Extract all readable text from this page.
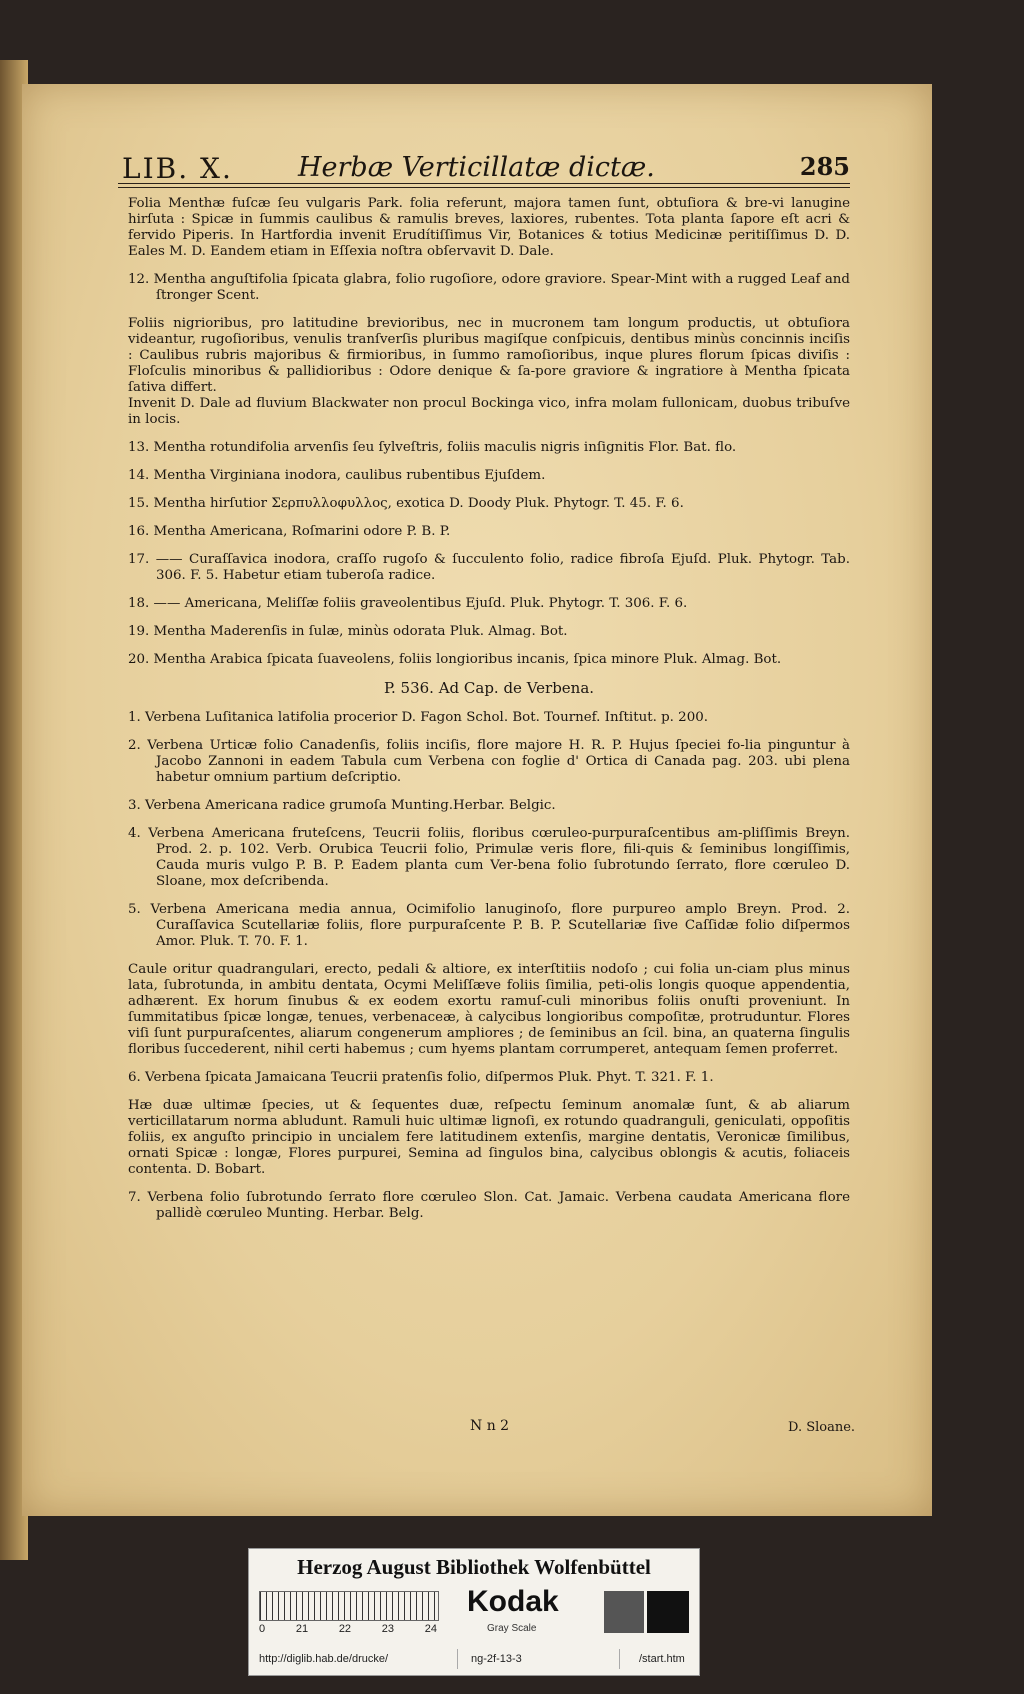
LIB. X. Herbæ Verticillatæ dictæ.	285

Folia Menthæ fuſcæ ſeu vulgaris Park. folia referunt, majora tamen ſunt, obtuſiora & bre-vi lanugine hirſuta : Spicæ in ſummis caulibus & ramulis breves, laxiores, rubentes. Tota planta ſapore eſt acri & fervido Piperis. In Hartfordia invenit Erudítiſſimus Vir, Botanices & totius Medicinæ peritiſſimus D. D. Eales M. D. Eandem etiam in Eſſexia noſtra obſervavit D. Dale.

12. Mentha anguſtifolia ſpicata glabra, folio rugoſiore, odore graviore. Spear-Mint with a rugged Leaf and ſtronger Scent.

Foliis nigrioribus, pro latitudine brevioribus, nec in mucronem tam longum productis, ut obtuſiora videantur, rugoſioribus, venulis tranſverſis pluribus magiſque conſpicuis, dentibus minùs concinnis inciſis : Caulibus rubris majoribus & firmioribus, in ſummo ramoſioribus, inque plures florum ſpicas diviſis : Floſculis minoribus & pallidioribus : Odore denique & ſa-pore graviore & ingratiore à Mentha ſpicata ſativa differt.

Invenit D. Dale ad fluvium Blackwater non procul Bockinga vico, infra molam fullonicam, duobus tribuſve in locis.

13. Mentha rotundifolia arvenſis ſeu ſylveſtris, foliis maculis nigris inſignitis Flor. Bat. flo.

14. Mentha Virginiana inodora, caulibus rubentibus Ejuſdem.

15. Mentha hirſutior Σερπυλλοφυλλος, exotica D. Doody Pluk. Phytogr. T. 45. F. 6.

16. Mentha Americana, Roſmarini odore P. B. P.

17. —— Curaſſavica inodora, craſſo rugoſo & ſucculento folio, radice fibroſa Ejuſd. Pluk. Phytogr. Tab. 306. F. 5. Habetur etiam tuberoſa radice.

18. —— Americana, Meliſſæ foliis graveolentibus Ejuſd. Pluk. Phytogr. T. 306. F. 6.

19. Mentha Maderenſis in ſulæ, minùs odorata Pluk. Almag. Bot.

20. Mentha Arabica ſpicata ſuaveolens, foliis longioribus incanis, ſpica minore Pluk. Almag. Bot.

P. 536. Ad Cap. de Verbena.

1. Verbena Luſitanica latifolia procerior D. Fagon Schol. Bot. Tournef. Inſtitut. p. 200.

2. Verbena Urticæ folio Canadenſis, foliis inciſis, flore majore H. R. P. Hujus ſpeciei fo-lia pinguntur à Jacobo Zannoni in eadem Tabula cum Verbena con foglie d' Ortica di Canada pag. 203. ubi plena habetur omnium partium deſcriptio.

3. Verbena Americana radice grumoſa Munting.Herbar. Belgic.

4. Verbena Americana fruteſcens, Teucrii foliis, floribus cœruleo-purpuraſcentibus am-pliſſimis Breyn. Prod. 2. p. 102. Verb. Orubica Teucrii folio, Primulæ veris flore, fili-quis & ſeminibus longiſſimis, Cauda muris vulgo P. B. P. Eadem planta cum Ver-bena folio ſubrotundo ſerrato, flore cœruleo D. Sloane, mox deſcribenda.

5. Verbena Americana media annua, Ocimifolio lanuginoſo, flore purpureo amplo Breyn. Prod. 2. Curaſſavica Scutellariæ foliis, flore purpuraſcente P. B. P. Scutellariæ ſive Caſſidæ folio diſpermos Amor. Pluk. T. 70. F. 1.

Caule oritur quadrangulari, erecto, pedali & altiore, ex interſtitiis nodoſo ; cui folia un-ciam plus minus lata, ſubrotunda, in ambitu dentata, Ocymi Meliſſæve foliis ſimilia, peti-olis longis quoque appendentia, adhærent. Ex horum ſinubus & ex eodem exortu ramuſ-culi minoribus foliis onuſti proveniunt. In ſummitatibus ſpicæ longæ, tenues, verbenaceæ, à calycibus longioribus compoſitæ, protruduntur. Flores viſi ſunt purpuraſcentes, aliarum congenerum ampliores ; de ſeminibus an ſcil. bina, an quaterna ſingulis floribus ſuccederent, nihil certi habemus ; cum hyems plantam corrumperet, antequam ſemen proferret.

6. Verbena ſpicata Jamaicana Teucrii pratenſis folio, diſpermos Pluk. Phyt. T. 321. F. 1.

Hæ duæ ultimæ ſpecies, ut & ſequentes duæ, reſpectu ſeminum anomalæ ſunt, & ab aliarum verticillatarum norma abludunt. Ramuli huic ultimæ lignoſi, ex rotundo quadranguli, geniculati, oppoſitis foliis, ex anguſto principio in uncialem fere latitudinem extenſis, margine dentatis, Veronicæ ſimilibus, ornati Spicæ : longæ, Flores purpurei, Semina ad ſingulos bina, calycibus oblongis & acutis, foliaceis contenta. D. Bobart.

7. Verbena folio ſubrotundo ſerrato flore cœruleo Slon. Cat. Jamaic. Verbena caudata Americana flore pallidè cœruleo Munting. Herbar. Belg.

N n 2	D. Sloane.
Herzog August Bibliothek Wolfenbüttel
0	21	22	23	24
Kodak
Gray Scale
http://diglib.hab.de/drucke/	ng-2f-13-3	/start.htm
